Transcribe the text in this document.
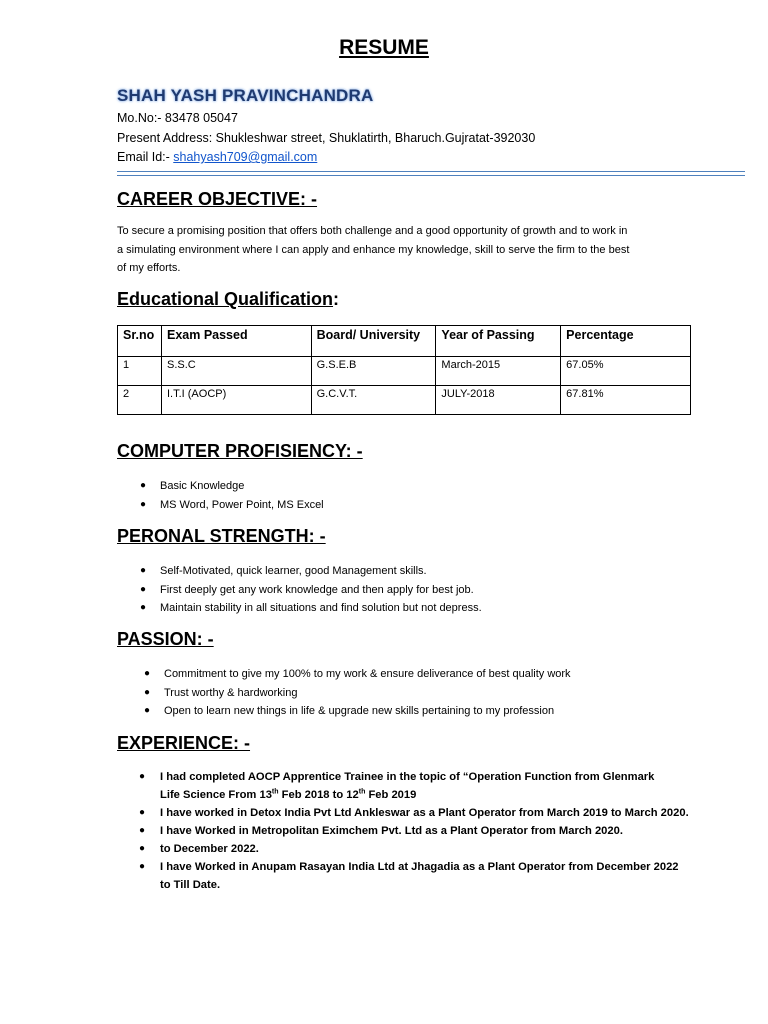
RESUME
SHAH YASH PRAVINCHANDRA
Mo.No:- 83478 05047
Present Address: Shukleshwar street, Shuklatirth, Bharuch.Gujratat-392030
Email Id:- shahyash709@gmail.com
CAREER OBJECTIVE: -
To secure a promising position that offers both challenge and a good opportunity of growth and to work in
a simulating environment where I can apply and enhance my knowledge, skill to serve the firm to the best
of my efforts.
Educational Qualification:
Sr.no	Exam Passed	Board/ University	Year of Passing	Percentage
1	S.S.C	G.S.E.B	March-2015	67.05%
2	I.T.I (AOCP)	G.C.V.T.	JULY-2018	67.81%
COMPUTER PROFISIENCY: -
● Basic Knowledge
● MS Word, Power Point, MS Excel
PERONAL STRENGTH: -
● Self-Motivated, quick learner, good Management skills.
● First deeply get any work knowledge and then apply for best job.
● Maintain stability in all situations and find solution but not depress.
PASSION: -
● Commitment to give my 100% to my work & ensure deliverance of best quality work
● Trust worthy & hardworking
● Open to learn new things in life & upgrade new skills pertaining to my profession
EXPERIENCE: -
● I had completed AOCP Apprentice Trainee in the topic of “Operation Function from Glenmark
Life Science From 13th Feb 2018 to 12th Feb 2019
● I have worked in Detox India Pvt Ltd Ankleswar as a Plant Operator from March 2019 to March 2020.
● I have Worked in Metropolitan Eximchem Pvt. Ltd as a Plant Operator from March 2020.
● to December 2022.
● I have Worked in Anupam Rasayan India Ltd at Jhagadia as a Plant Operator from December 2022 to Till Date.
